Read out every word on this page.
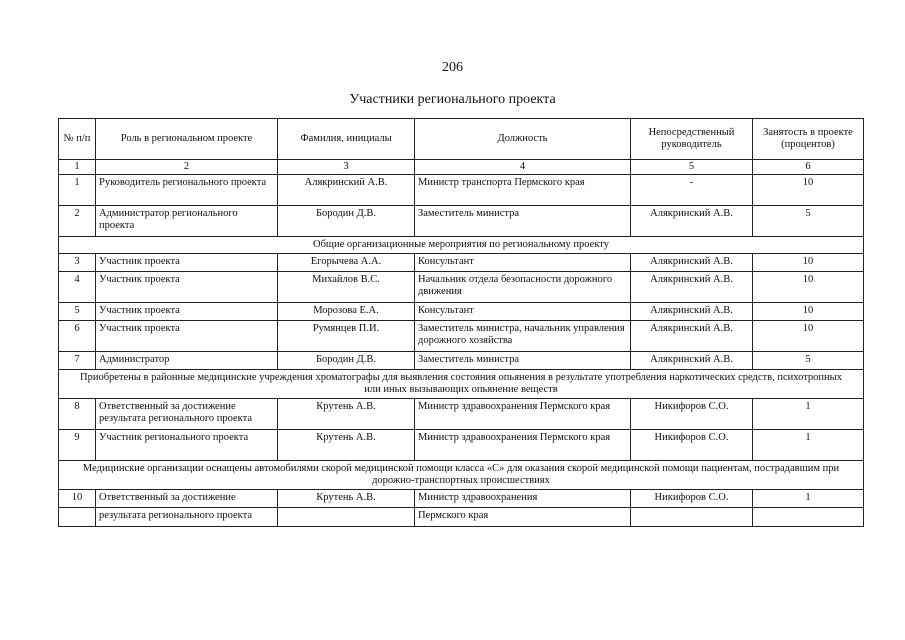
206
Участники регионального проекта
№ п/п	Роль в региональном проекте	Фамилия, инициалы	Должность	Непосредственный руководитель	Занятость в проекте (процентов)
1	2	3	4	5	6
1	Руководитель регионального проекта	Алякринский А.В.	Министр транспорта Пермского края	-	10
2	Администратор регионального проекта	Бородин Д.В.	Заместитель министра	Алякринский А.В.	5
Общие организационные мероприятия по региональному проекту					
3	Участник проекта	Егорычева А.А.	Консультант	Алякринский А.В.	10
4	Участник проекта	Михайлов В.С.	Начальник отдела безопасности дорожного движения	Алякринский А.В.	10
5	Участник проекта	Морозова Е.А.	Консультант	Алякринский А.В.	10
6	Участник проекта	Румянцев П.И.	Заместитель министра, начальник управления дорожного хозяйства	Алякринский А.В.	10
7	Администратор	Бородин Д.В.	Заместитель министра	Алякринский А.В.	5
Приобретены в районные медицинские учреждения хроматографы для выявления состояния опьянения в результате употребления наркотических средств, психотропных или иных вызывающих опьянение веществ					
8	Ответственный за достижение результата регионального проекта	Крутень А.В.	Министр здравоохранения Пермского края	Никифоров С.О.	1
9	Участник регионального проекта	Крутень А.В.	Министр здравоохранения Пермского края	Никифоров С.О.	1
Медицинские организации оснащены автомобилями скорой медицинской помощи класса «С» для оказания скорой медицинской помощи пациентам, пострадавшим при дорожно-транспортных происшествиях					
10	Ответственный за достижение	Крутень А.В.	Министр здравоохранения	Никифоров С.О.	1
	результата регионального проекта		Пермского края		
